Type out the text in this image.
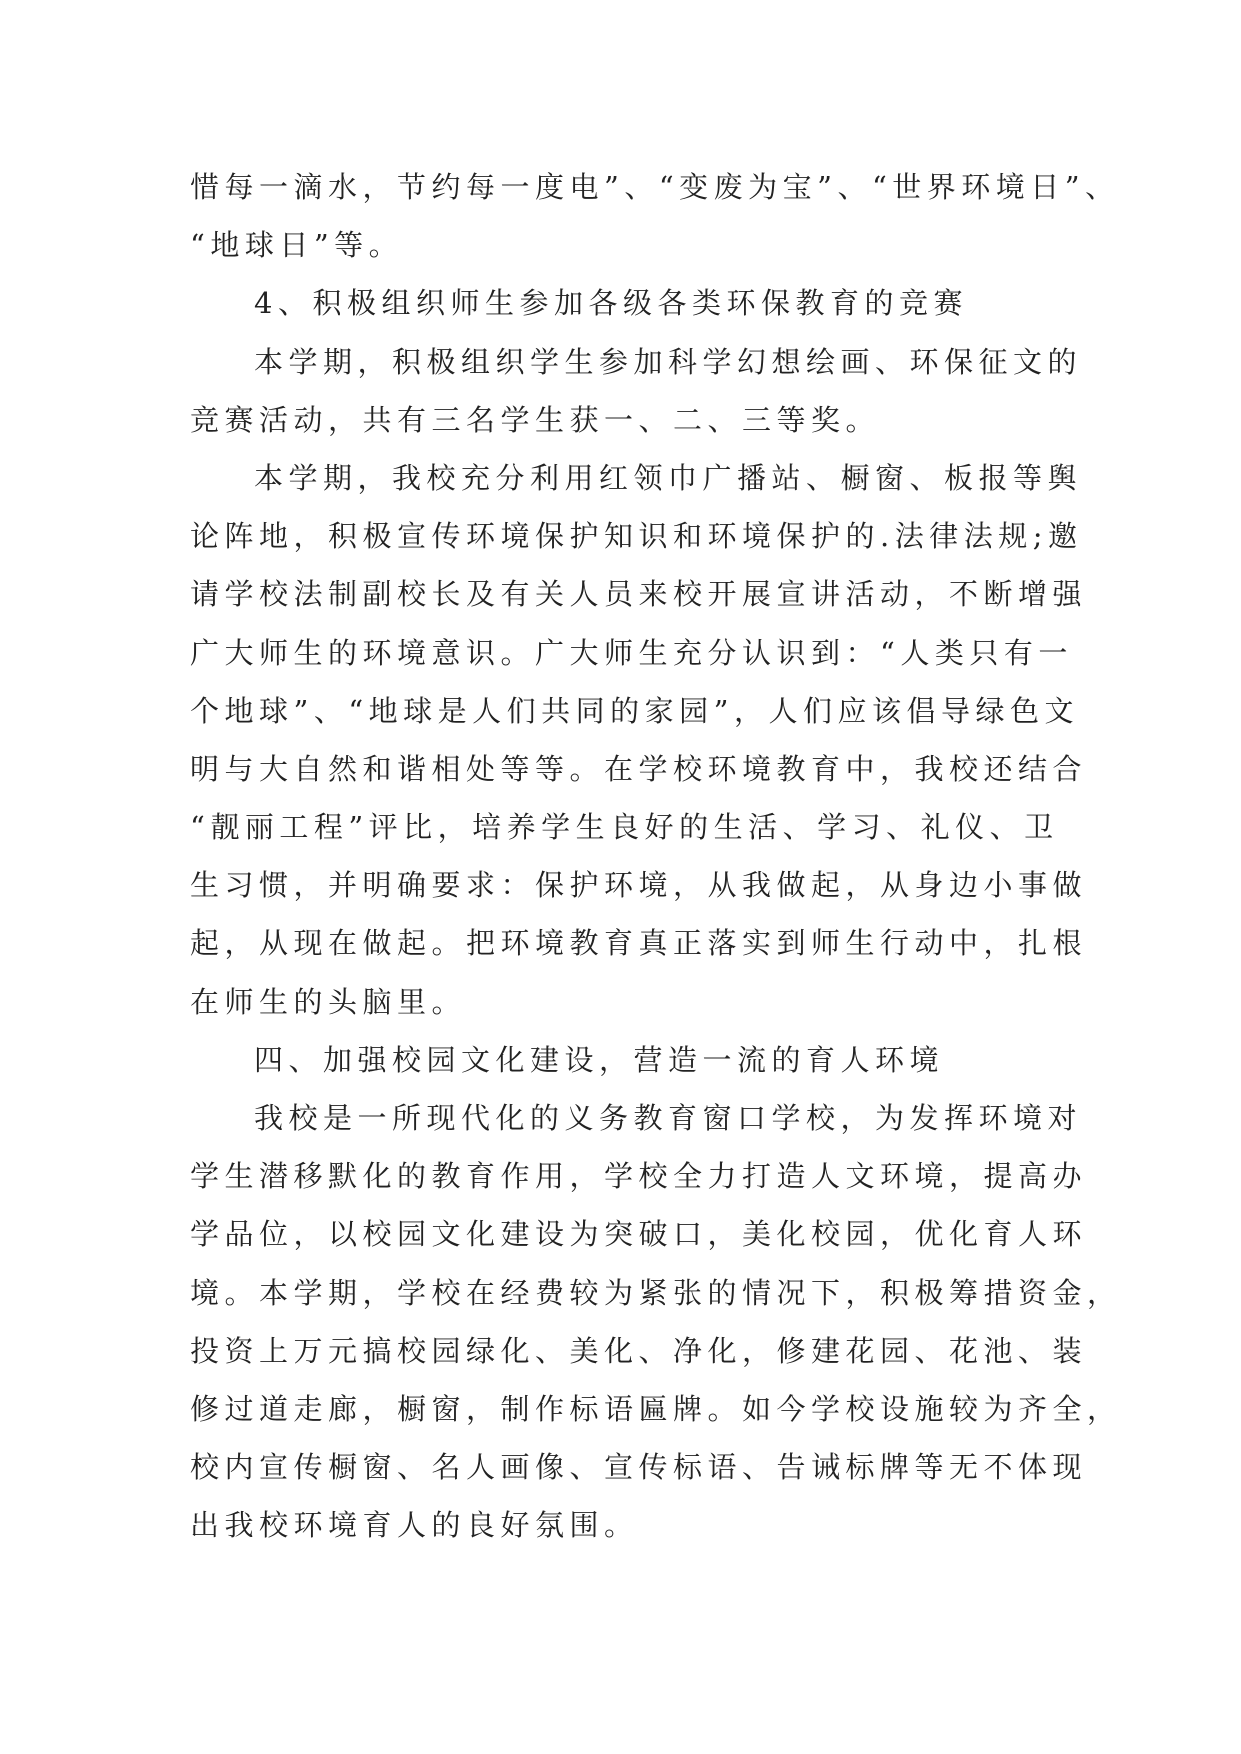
惜每一滴水，节约每一度电”、“变废为宝”、“世界环境日”、
“地球日”等。
4、积极组织师生参加各级各类环保教育的竞赛
本学期，积极组织学生参加科学幻想绘画、环保征文的
竞赛活动，共有三名学生获一、二、三等奖。
本学期，我校充分利用红领巾广播站、橱窗、板报等舆
论阵地，积极宣传环境保护知识和环境保护的.法律法规;邀
请学校法制副校长及有关人员来校开展宣讲活动，不断增强
广大师生的环境意识。广大师生充分认识到：“人类只有一
个地球”、“地球是人们共同的家园”，人们应该倡导绿色文
明与大自然和谐相处等等。在学校环境教育中，我校还结合
“靓丽工程”评比，培养学生良好的生活、学习、礼仪、卫
生习惯，并明确要求：保护环境，从我做起，从身边小事做
起，从现在做起。把环境教育真正落实到师生行动中，扎根
在师生的头脑里。
四、加强校园文化建设，营造一流的育人环境
我校是一所现代化的义务教育窗口学校，为发挥环境对
学生潜移默化的教育作用，学校全力打造人文环境，提高办
学品位，以校园文化建设为突破口，美化校园，优化育人环
境。本学期，学校在经费较为紧张的情况下，积极筹措资金，
投资上万元搞校园绿化、美化、净化，修建花园、花池、装
修过道走廊，橱窗，制作标语匾牌。如今学校设施较为齐全，
校内宣传橱窗、名人画像、宣传标语、告诫标牌等无不体现
出我校环境育人的良好氛围。
